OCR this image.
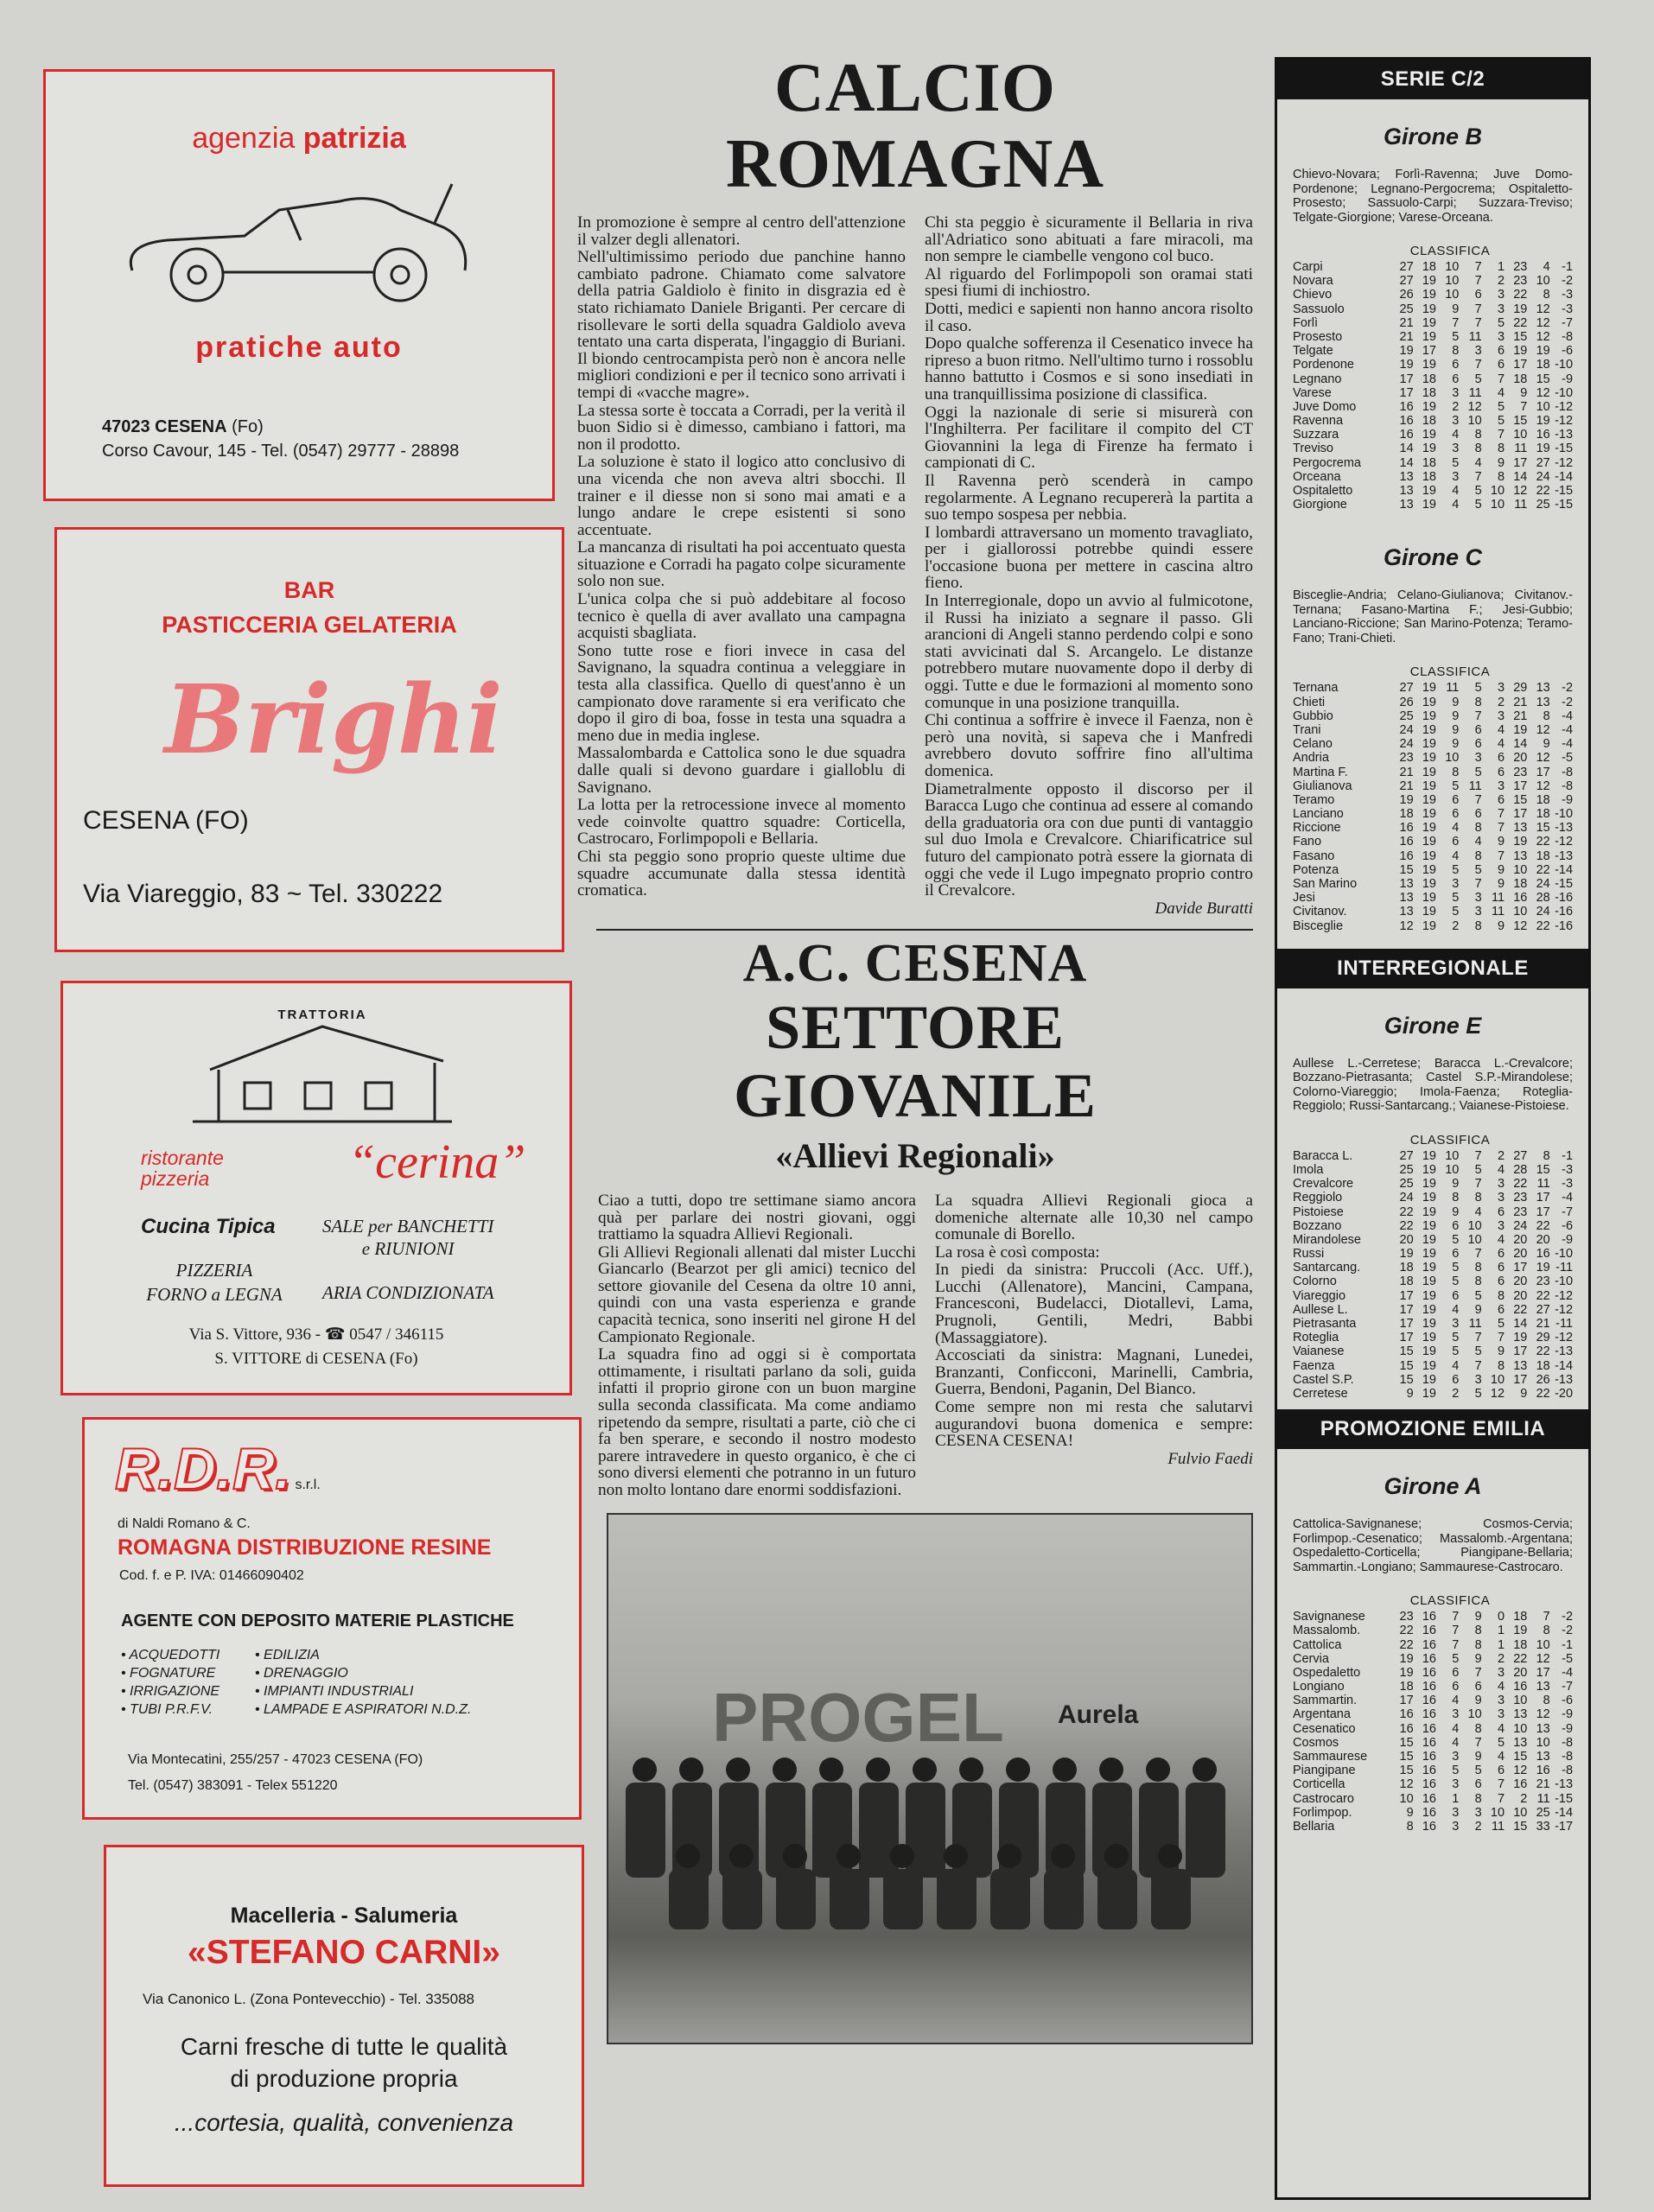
agenzia patrizia
pratiche auto
47023 CESENA (Fo)
Corso Cavour, 145 - Tel. (0547) 29777 - 28898
BAR
PASTICCERIA GELATERIA
Brighi
CESENA (FO)
Via Viareggio, 83 ~ Tel. 330222
TRATTORIA
ristorante
pizzeria	“cerina”
Cucina Tipica	SALE per BANCHETTI
e RIUNIONI
PIZZERIA
FORNO a LEGNA	ARIA CONDIZIONATA
Via S. Vittore, 936 - ☎ 0547 / 346115
S. VITTORE di CESENA (Fo)
R.D.R. s.r.l.
di Naldi Romano & C.
ROMAGNA DISTRIBUZIONE RESINE
Cod. f. e P. IVA: 01466090402
AGENTE CON DEPOSITO MATERIE PLASTICHE
• ACQUEDOTTI
• FOGNATURE
• IRRIGAZIONE
• TUBI P.R.F.V.
• EDILIZIA
• DRENAGGIO
• IMPIANTI INDUSTRIALI
• LAMPADE E ASPIRATORI N.D.Z.
Via Montecatini, 255/257 - 47023 CESENA (FO)
Tel. (0547) 383091 - Telex 551220
Macelleria - Salumeria
«STEFANO CARNI»
Via Canonico L. (Zona Pontevecchio) - Tel. 335088
Carni fresche di tutte le qualità
di produzione propria
...cortesia, qualità, convenienza
CALCIO ROMAGNA

In promozione è sempre al centro dell'attenzione il valzer degli allenatori.

Nell'ultimissimo periodo due panchine hanno cambiato padrone. Chiamato come salvatore della patria Galdiolo è finito in disgrazia ed è stato richiamato Daniele Briganti. Per cercare di risollevare le sorti della squadra Galdiolo aveva tentato una carta disperata, l'ingaggio di Buriani. Il biondo centrocampista però non è ancora nelle migliori condizioni e per il tecnico sono arrivati i tempi di «vacche magre».

La stessa sorte è toccata a Corradi, per la verità il buon Sidio si è dimesso, cambiano i fattori, ma non il prodotto.

La soluzione è stato il logico atto conclusivo di una vicenda che non aveva altri sbocchi. Il trainer e il diesse non si sono mai amati e a lungo andare le crepe esistenti si sono accentuate.

La mancanza di risultati ha poi accentuato questa situazione e Corradi ha pagato colpe sicuramente solo non sue.

L'unica colpa che si può addebitare al focoso tecnico è quella di aver avallato una campagna acquisti sbagliata.

Sono tutte rose e fiori invece in casa del Savignano, la squadra continua a veleggiare in testa alla classifica. Quello di quest'anno è un campionato dove raramente si era verificato che dopo il giro di boa, fosse in testa una squadra a meno due in media inglese.

Massalombarda e Cattolica sono le due squadra dalle quali si devono guardare i gialloblu di Savignano.

La lotta per la retrocessione invece al momento vede coinvolte quattro squadre: Corticella, Castrocaro, Forlimpopoli e Bellaria.

Chi sta peggio sono proprio queste ultime due squadre accumunate dalla stessa identità cromatica.

Chi sta peggio è sicuramente il Bellaria in riva all'Adriatico sono abituati a fare miracoli, ma non sempre le ciambelle vengono col buco.

Al riguardo del Forlimpopoli son oramai stati spesi fiumi di inchiostro.

Dotti, medici e sapienti non hanno ancora risolto il caso.

Dopo qualche sofferenza il Cesenatico invece ha ripreso a buon ritmo. Nell'ultimo turno i rossoblu hanno battutto i Cosmos e si sono insediati in una tranquillissima posizione di classifica.

Oggi la nazionale di serie si misurerà con l'Inghilterra. Per facilitare il compito del CT Giovannini la lega di Firenze ha fermato i campionati di C.

Il Ravenna però scenderà in campo regolarmente. A Legnano recupererà la partita a suo tempo sospesa per nebbia.

I lombardi attraversano un momento travagliato, per i giallorossi potrebbe quindi essere l'occasione buona per mettere in cascina altro fieno.

In Interregionale, dopo un avvio al fulmicotone, il Russi ha iniziato a segnare il passo. Gli arancioni di Angeli stanno perdendo colpi e sono stati avvicinati dal S. Arcangelo. Le distanze potrebbero mutare nuovamente dopo il derby di oggi. Tutte e due le formazioni al momento sono comunque in una posizione tranquilla.

Chi continua a soffrire è invece il Faenza, non è però una novità, si sapeva che i Manfredi avrebbero dovuto soffrire fino all'ultima domenica.

Diametralmente opposto il discorso per il Baracca Lugo che continua ad essere al comando della graduatoria ora con due punti di vantaggio sul duo Imola e Crevalcore. Chiarificatrice sul futuro del campionato potrà essere la giornata di oggi che vede il Lugo impegnato proprio contro il Crevalcore.

Davide Buratti
A.C. CESENA
SETTORE GIOVANILE
«Allievi Regionali»

Ciao a tutti, dopo tre settimane siamo ancora quà per parlare dei nostri giovani, oggi trattiamo la squadra Allievi Regionali.

Gli Allievi Regionali allenati dal mister Lucchi Giancarlo (Bearzot per gli amici) tecnico del settore giovanile del Cesena da oltre 10 anni, quindi con una vasta esperienza e grande capacità tecnica, sono inseriti nel girone H del Campionato Regionale.

La squadra fino ad oggi si è comportata ottimamente, i risultati parlano da soli, guida infatti il proprio girone con un buon margine sulla seconda classificata. Ma come andiamo ripetendo da sempre, risultati a parte, ciò che ci fa ben sperare, e secondo il nostro modesto parere intravedere in questo organico, è che ci sono diversi elementi che potranno in un futuro non molto lontano dare enormi soddisfazioni.

La squadra Allievi Regionali gioca a domeniche alternate alle 10,30 nel campo comunale di Borello.

La rosa è così composta:

In piedi da sinistra: Pruccoli (Acc. Uff.), Lucchi (Allenatore), Mancini, Campana, Francesconi, Budelacci, Diotallevi, Lama, Prugnoli, Gentili, Medri, Babbi (Massaggiatore).

Accosciati da sinistra: Magnani, Lunedei, Branzanti, Conficconi, Marinelli, Cambria, Guerra, Bendoni, Paganin, Del Bianco.

Come sempre non mi resta che salutarvi augurandovi buona domenica e sempre: CESENA CESENA!

Fulvio Faedi
PROGEL Aurela
SERIE C/2
Girone B
Chievo-Novara; Forlì-Ravenna; Juve Domo-Pordenone; Legnano-Pergocrema; Ospitaletto-Prosesto; Sassuolo-Carpi; Suzzara-Treviso; Telgate-Giorgione; Varese-Orceana.
CLASSIFICA
Carpi	27 18 10	7	1 23	4 -1
Novara	27 19 10	7	2 23 10 -2
Chievo	26 19 10	6	3 22	8 -3
Sassuolo	25 19	9	7	3 19 12 -3
Forlì	21 19	7	7	5 22 12 -7
Prosesto	21 19	5 11	3 15 12 -8
Telgate	19 17	8	3	6 19 19 -6
Pordenone	19 19	6	7	6 17 18 -10
Legnano	17 18	6	5	7 18 15 -9
Varese	17 18	3 11	4	9 12 -10
Juve Domo	16 19	2 12	5	7 10 -12
Ravenna	16 18	3 10	5 15 19 -12
Suzzara	16 19	4	8	7 10 16 -13
Treviso	14 19	3	8	8 11 19 -15
Pergocrema	14 18	5	4	9 17 27 -12
Orceana	13 18	3	7	8 14 24 -14
Ospitaletto	13 19	4	5 10 12 22 -15
Giorgione	13 19	4	5 10 11 25 -15
Girone C
Bisceglie-Andria; Celano-Giulianova; Civitanov.-Ternana; Fasano-Martina F.; Jesi-Gubbio; Lanciano-Riccione; San Marino-Potenza; Teramo-Fano; Trani-Chieti.
CLASSIFICA
Ternana	27 19 11	5	3 29 13 -2
Chieti	26 19	9	8	2 21 13 -2
Gubbio	25 19	9	7	3 21	8 -4
Trani	24 19	9	6	4 19 12 -4
Celano	24 19	9	6	4 14	9 -4
Andria	23 19 10	3	6 20 12 -5
Martina F.	21 19	8	5	6 23 17 -8
Giulianova	21 19	5 11	3 17 12 -8
Teramo	19 19	6	7	6 15 18 -9
Lanciano	18 19	6	6	7 17 18 -10
Riccione	16 19	4	8	7 13 15 -13
Fano	16 19	6	4	9 19 22 -12
Fasano	16 19	4	8	7 13 18 -13
Potenza	15 19	5	5	9 10 22 -14
San Marino	13 19	3	7	9 18 24 -15
Jesi	13 19	5	3 11 16 28 -16
Civitanov.	13 19	5	3 11 10 24 -16
Bisceglie	12 19	2	8	9 12 22 -16
INTERREGIONALE
Girone E
Aullese L.-Cerretese; Baracca L.-Crevalcore; Bozzano-Pietrasanta; Castel S.P.-Mirandolese; Colorno-Viareggio; Imola-Faenza; Roteglia-Reggiolo; Russi-Santarcang.; Vaianese-Pistoiese.
CLASSIFICA
Baracca L.	27 19 10	7	2 27	8 -1
Imola	25 19 10	5	4 28 15 -3
Crevalcore	25 19	9	7	3 22 11 -3
Reggiolo	24 19	8	8	3 23 17 -4
Pistoiese	22 19	9	4	6 23 17 -7
Bozzano	22 19	6 10	3 24 22 -6
Mirandolese	20 19	5 10	4 20 20 -9
Russi	19 19	6	7	6 20 16 -10
Santarcang.	18 19	5	8	6 17 19 -11
Colorno	18 19	5	8	6 20 23 -10
Viareggio	17 19	6	5	8 20 22 -12
Aullese L.	17 19	4	9	6 22 27 -12
Pietrasanta	17 19	3 11	5 14 21 -11
Roteglia	17 19	5	7	7 19 29 -12
Vaianese	15 19	5	5	9 17 22 -13
Faenza	15 19	4	7	8 13 18 -14
Castel S.P.	15 19	6	3 10 17 26 -13
Cerretese	9 19	2	5 12	9 22 -20
PROMOZIONE EMILIA
Girone A
Cattolica-Savignanese; Cosmos-Cervia; Forlimpop.-Cesenatico; Massalomb.-Argentana; Ospedaletto-Corticella; Piangipane-Bellaria; Sammartin.-Longiano; Sammaurese-Castrocaro.
CLASSIFICA
Savignanese	23 16	7	9	0 18	7 -2
Massalomb.	22 16	7	8	1 19	8 -2
Cattolica	22 16	7	8	1 18 10 -1
Cervia	19 16	5	9	2 22 12 -5
Ospedaletto	19 16	6	7	3 20 17 -4
Longiano	18 16	6	6	4 16 13 -7
Sammartin.	17 16	4	9	3 10	8 -6
Argentana	16 16	3 10	3 13 12 -9
Cesenatico	16 16	4	8	4 10 13 -9
Cosmos	15 16	4	7	5 13 10 -8
Sammaurese	15 16	3	9	4 15 13 -8
Piangipane	15 16	5	5	6 12 16 -8
Corticella	12 16	3	6	7 16 21 -13
Castrocaro	10 16	1	8	7	2 11 -15
Forlimpop.	9 16	3	3 10 10 25 -14
Bellaria	8 16	3	2 11 15 33 -17
